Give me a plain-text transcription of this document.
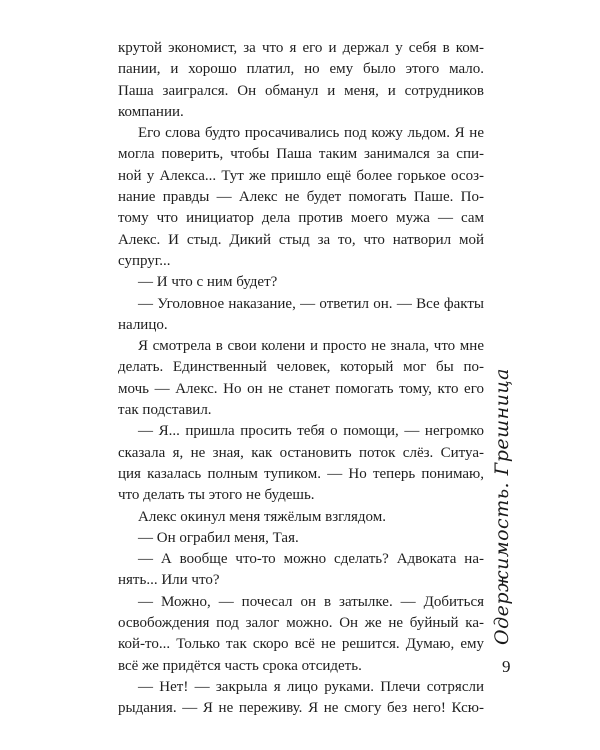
крутой экономист, за что я его и держал у себя в ком-
пании, и хорошо платил, но ему было этого мало.
Паша заигрался. Он обманул и меня, и сотрудников
компании.
Его слова будто просачивались под кожу льдом. Я не
могла поверить, чтобы Паша таким занимался за спи-
ной у Алекса... Тут же пришло ещё более горькое осоз-
нание правды — Алекс не будет помогать Паше. По-
тому что инициатор дела против моего мужа — сам
Алекс. И стыд. Дикий стыд за то, что натворил мой
супруг...
— И что с ним будет?
— Уголовное наказание, — ответил он. — Все факты
налицо.
Я смотрела в свои колени и просто не знала, что мне
делать. Единственный человек, который мог бы по-
мочь — Алекс. Но он не станет помогать тому, кто его
так подставил.
— Я... пришла просить тебя о помощи, — негромко
сказала я, не зная, как остановить поток слёз. Ситуа-
ция казалась полным тупиком. — Но теперь понимаю,
что делать ты этого не будешь.
Алекс окинул меня тяжёлым взглядом.
— Он ограбил меня, Тая.
— А вообще что-то можно сделать? Адвоката на-
нять... Или что?
— Можно, — почесал он в затылке. — Добиться
освобождения под залог можно. Он же не буйный ка-
кой-то... Только так скоро всё не решится. Думаю, ему
всё же придётся часть срока отсидеть.
— Нет! — закрыла я лицо руками. Плечи сотрясли
рыдания. — Я не переживу. Я не смогу без него! Ксю-
Одержимость. Грешница
9
